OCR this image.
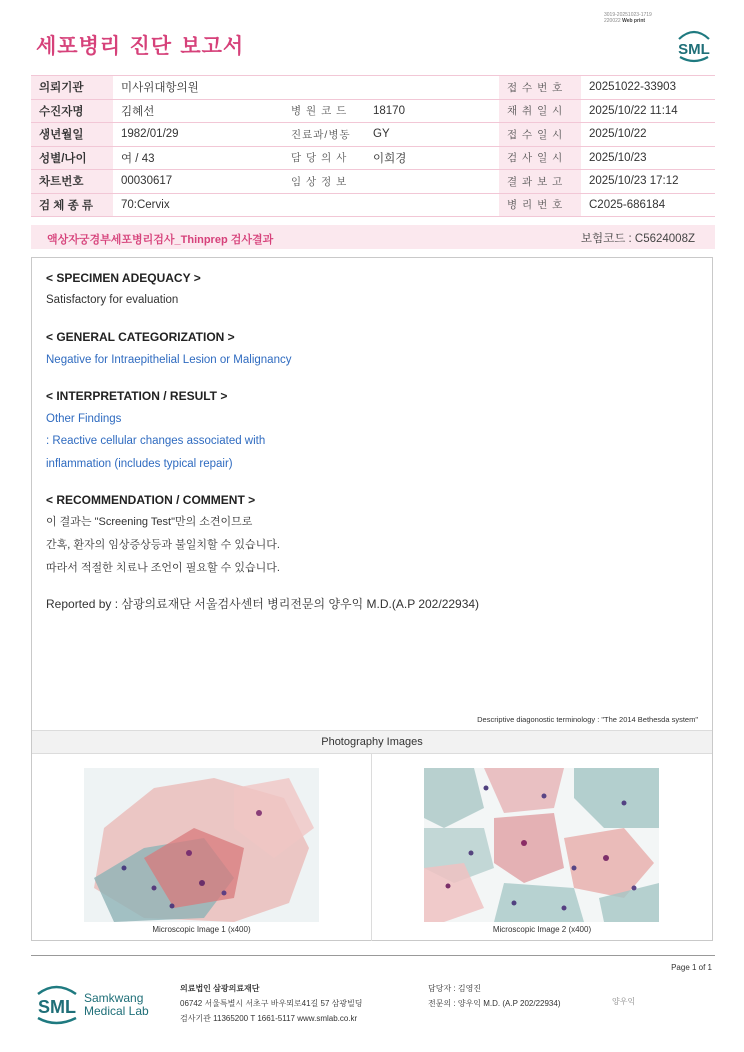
세포병리 진단 보고서
3019-20251023-1719
220022 Web print
SML
의뢰기관	미사위대항의원			접 수 번 호	20251022-33903
수진자명	김혜선	병 원 코 드	18170	채 취 일 시	2025/10/22 11:14
생년월일	1982/01/29	진료과/병동	GY	접 수 일 시	2025/10/22
성별/나이	여 / 43	담 당 의 사	이희경	검 사 일 시	2025/10/23
차트번호	00030617	임 상 정 보		결 과 보 고	2025/10/23 17:12
검 체 종 류	70:Cervix			병 리 번 호	C2025-686184
액상자궁경부세포병리검사_Thinprep 검사결과	보험코드 : C5624008Z
< SPECIMEN ADEQUACY >
Satisfactory for evaluation
< GENERAL CATEGORIZATION >
Negative for Intraepithelial Lesion or Malignancy
< INTERPRETATION / RESULT >
Other Findings
: Reactive cellular changes associated with
inflammation (includes typical repair)
< RECOMMENDATION / COMMENT >
이 결과는 "Screening Test"만의 소견이므로
간혹, 환자의 임상증상등과 불일치할 수 있습니다.
따라서 적절한 치료나 조언이 필요할 수 있습니다.
Reported by : 삼광의료재단 서울검사센터 병리전문의 양우익 M.D.(A.P 202/22934)
Descriptive diagonostic terminology : "The 2014 Bethesda system"
Photography Images
Microscopic Image 1 (x400)	Microscopic Image 2 (x400)
Page 1 of 1
SML Samkwang
Medical Lab
의료법인 삼광의료재단
06742 서울특별시 서초구 바우뫼로41길 57 삼광빌딩
검사기관 11365200 T 1661-5117 www.smlab.co.kr
담당자 : 김영진
전문의 : 양우익 M.D. (A.P 202/22934)	양우익
